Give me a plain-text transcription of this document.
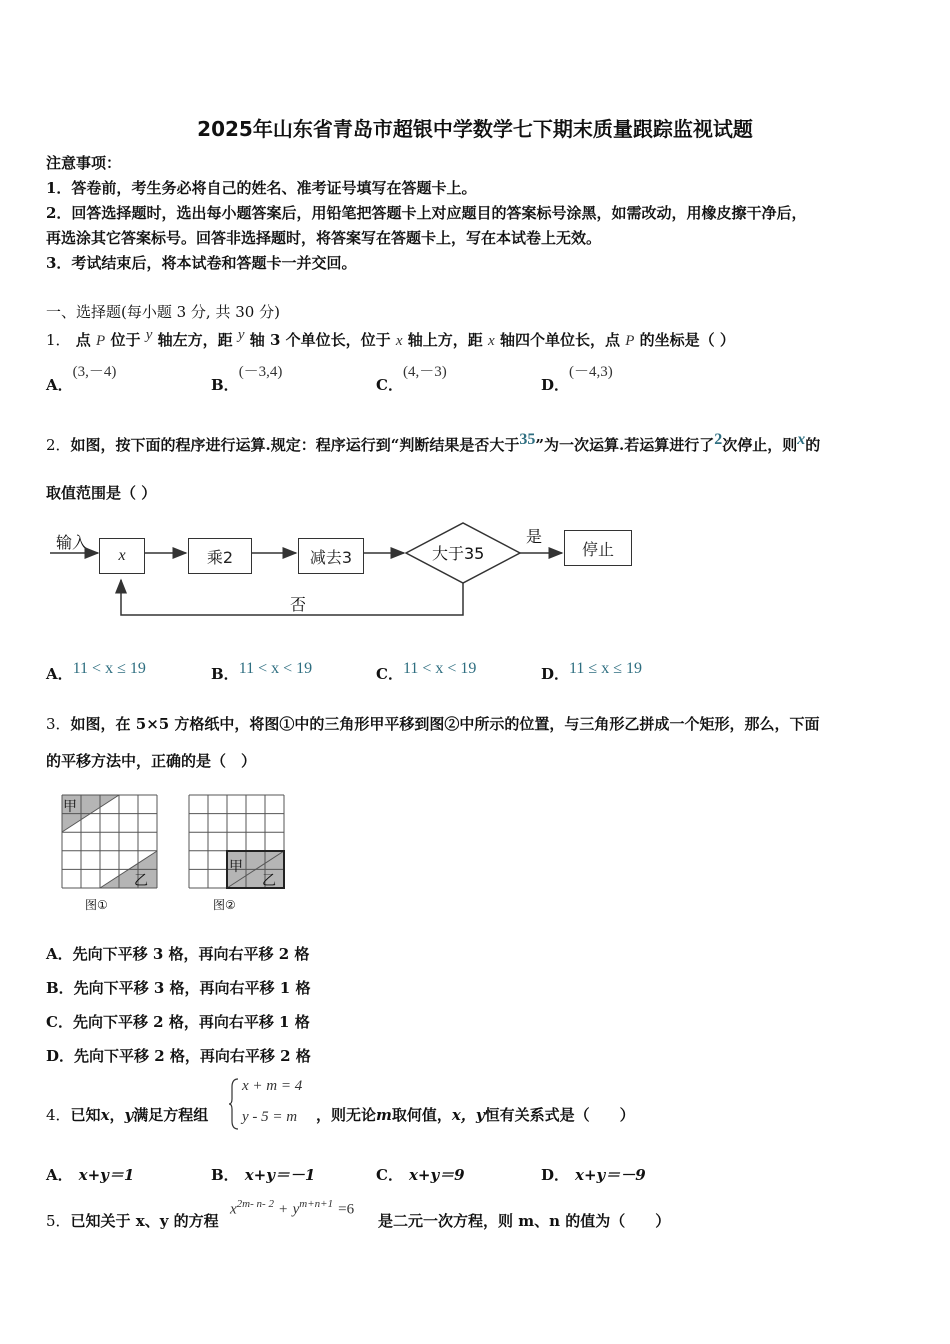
2025年山东省青岛市超银中学数学七下期末质量跟踪监视试题
注意事项：
1．答卷前，考生务必将自己的姓名、准考证号填写在答题卡上。
2．回答选择题时，选出每小题答案后，用铅笔把答题卡上对应题目的答案标号涂黑，如需改动，用橡皮擦干净后，
再选涂其它答案标号。回答非选择题时，将答案写在答题卡上，写在本试卷上无效。
3．考试结束后，将本试卷和答题卡一并交回。
一、选择题(每小题 3 分, 共 30 分)
1． 点 P 位于 $^y$ 轴左方，距 $^y$ 轴 3 个单位长，位于 x 轴上方，距 x 轴四个单位长，点 P 的坐标是（ ）
A．(3,－4)
B．(－3,4)
C．(4,－3)
D．(－4,3)
2．如图，按下面的程序进行运算.规定：程序运行到“判断结果是否大于$^{35}$”为一次运算.若运算进行了$^2$次停止，则$^x$的
取值范围是（ ）
输入
x	乘2	减去3	大于35
是
停止
否
A．11 < x ≤ 19	B．11 < x < 19	C．11 < x < 19	D．11 ≤ x ≤ 19
3．如图，在 5×5 方格纸中，将图①中的三角形甲平移到图②中所示的位置，与三角形乙拼成一个矩形，那么，下面
的平移方法中，正确的是（　）
甲
乙
图①
甲
乙
图②
A．先向下平移 3 格，再向右平移 2 格
B．先向下平移 3 格，再向右平移 1 格
C．先向下平移 2 格，再向右平移 1 格
D．先向下平移 2 格，再向右平移 2 格
4．已知x，y满足方程组
x + m = 4
y - 5 = m ，则无论m取何值，x，y恒有关系式是（　　）
A． x+y＝1	B． x+y＝－1	C． x+y＝9	D． x+y＝－9
5．已知关于 x、y 的方程
$x^{2m- n- 2} + y^{m+n+1} =6$
是二元一次方程，则 m、n 的值为（　　）
